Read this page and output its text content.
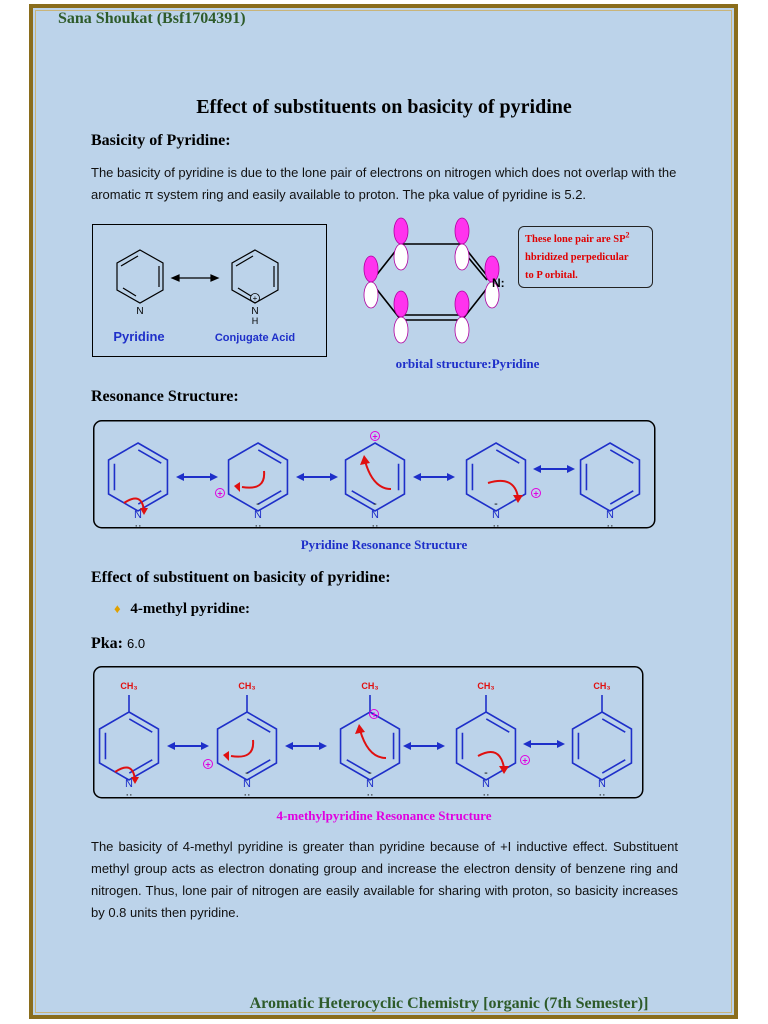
Sana Shoukat (Bsf1704391)
Effect of substituents on basicity of pyridine
Basicity of Pyridine:
The basicity of pyridine is due to the lone pair of electrons on nitrogen which does not overlap with the aromatic π system ring and easily available to proton. The pka value of pyridine is 5.2.
N
+
N
H
Pyridine	Conjugate Acid
N:
orbital structure:Pyridine
These lone pair are $SP^2$
hbridized perpedicular
to P orbital.
Resonance Structure:
N
··
N
··
-
+
N
··
-
+
N
··
-
+
N
··
Pyridine Resonance Structure
Effect of substituent on basicity of pyridine:
♦ 4-methyl pyridine:
Pka: 6.0
CH₃
N
··
CH₃
N
··
-
+
CH₃
N
··
-
+
CH₃
N
··
-
+
CH₃
N
··
4-methylpyridine Resonance Structure
The basicity of 4-methyl pyridine is greater than pyridine because of +I inductive effect. Substituent methyl group acts as electron donating group and increase the electron density of benzene ring and nitrogen. Thus, lone pair of nitrogen are easily available for sharing with proton, so basicity increases by 0.8 units then pyridine.
Aromatic Heterocyclic Chemistry [organic (7th Semester)]
